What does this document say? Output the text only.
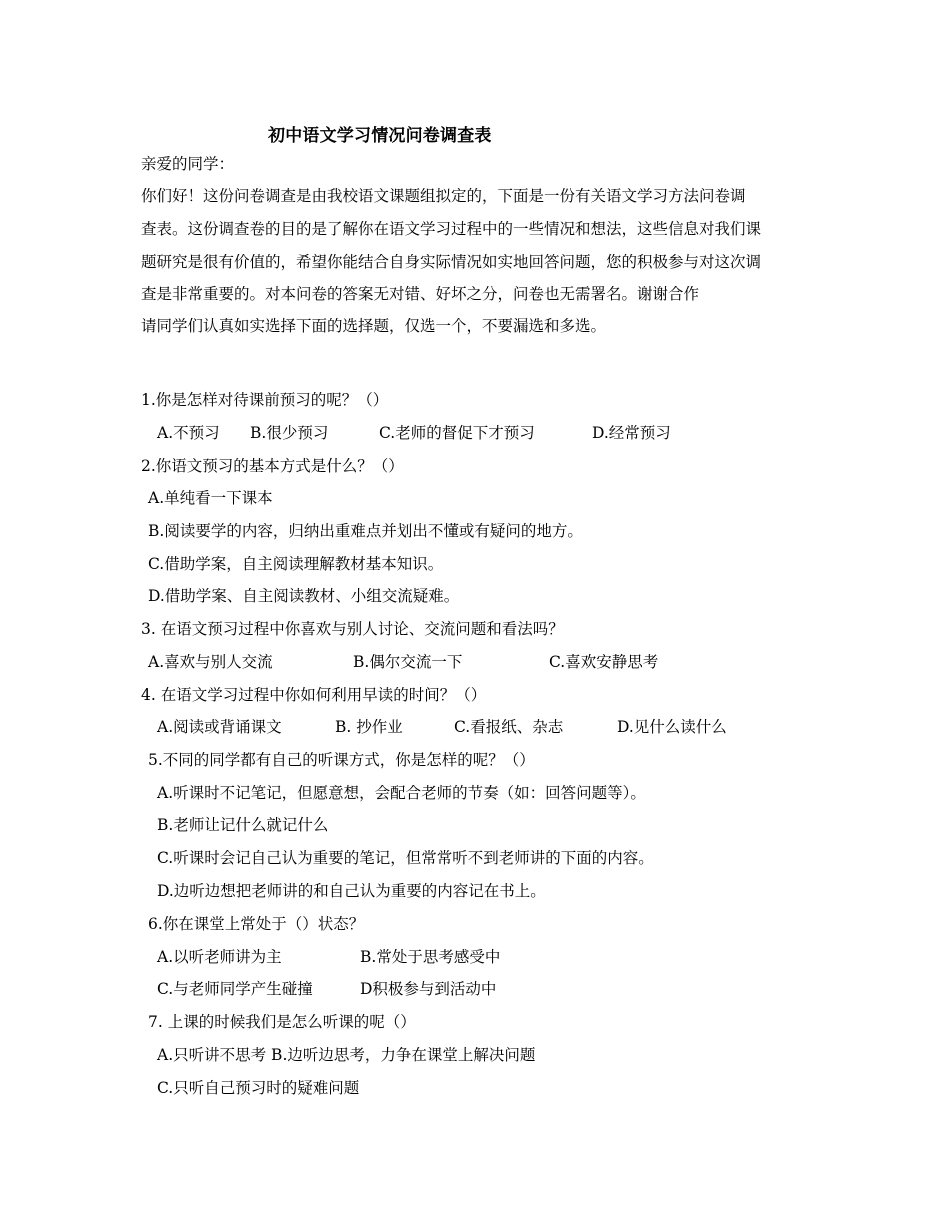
初中语文学习情况问卷调查表
亲爱的同学：
你们好！这份问卷调查是由我校语文课题组拟定的，下面是一份有关语文学习方法问卷调
查表。这份调查卷的目的是了解你在语文学习过程中的一些情况和想法，这些信息对我们课
题研究是很有价值的，希望你能结合自身实际情况如实地回答问题，您的积极参与对这次调
查是非常重要的。对本问卷的答案无对错、好坏之分，问卷也无需署名。谢谢合作
请同学们认真如实选择下面的选择题，仅选一个，不要漏选和多选。
1.你是怎样对待课前预习的呢？（）
A.不预习 B.很少预习	C.老师的督促下才预习	D.经常预习
2.你语文预习的基本方式是什么？（）
A.单纯看一下课本
B.阅读要学的内容，归纳出重难点并划出不懂或有疑问的地方。
C.借助学案，自主阅读理解教材基本知识。
D.借助学案、自主阅读教材、小组交流疑难。
3. 在语文预习过程中你喜欢与别人讨论、交流问题和看法吗？
A.喜欢与别人交流	B.偶尔交流一下	C.喜欢安静思考
4. 在语文学习过程中你如何利用早读的时间？（）
A.阅读或背诵课文	B. 抄作业	C.看报纸、杂志	D.见什么读什么
5.不同的同学都有自己的听课方式，你是怎样的呢？（）
A.听课时不记笔记，但愿意想，会配合老师的节奏（如：回答问题等）。
B.老师让记什么就记什么
C.听课时会记自己认为重要的笔记，但常常听不到老师讲的下面的内容。
D.边听边想把老师讲的和自己认为重要的内容记在书上。
6.你在课堂上常处于（）状态？
A.以听老师讲为主	B.常处于思考感受中
C.与老师同学产生碰撞	D积极参与到活动中
7. 上课的时候我们是怎么听课的呢（）
A.只听讲不思考 B.边听边思考，力争在课堂上解决问题
C.只听自己预习时的疑难问题
